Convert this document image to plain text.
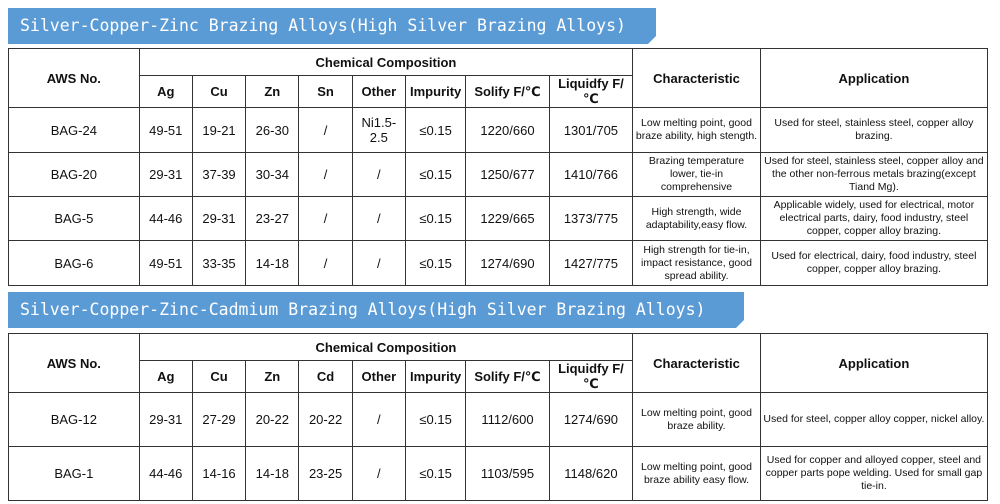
Silver-Copper-Zinc Brazing Alloys(High Silver Brazing Alloys)
AWS No.	Chemical Composition								Characteristic	Application
	Ag	Cu	Zn	Sn	Other	Impurity	Solify F/℃	Liquidfy F/℃		
BAG-24	49-51	19-21	26-30	/	Ni1.5-2.5	≤0.15	1220/660	1301/705	Low melting point, good braze ability, high stength.	Used for steel, stainless steel, copper alloy brazing.
BAG-20	29-31	37-39	30-34	/	/	≤0.15	1250/677	1410/766	Brazing temperature lower, tie-in comprehensive	Used for steel, stainless steel, copper alloy and the other non-ferrous metals brazing(except Tiand Mg).
BAG-5	44-46	29-31	23-27	/	/	≤0.15	1229/665	1373/775	High strength, wide adaptability,easy flow.	Applicable widely, used for electrical, motor electrical parts, dairy, food industry, steel copper, copper alloy brazing.
BAG-6	49-51	33-35	14-18	/	/	≤0.15	1274/690	1427/775	High strength for tie-in, impact resistance, good spread ability.	Used for electrical, dairy, food industry, steel copper, copper alloy brazing.
Silver-Copper-Zinc-Cadmium Brazing Alloys(High Silver Brazing Alloys)
AWS No.	Chemical Composition								Characteristic	Application
	Ag	Cu	Zn	Cd	Other	Impurity	Solify F/℃	Liquidfy F/℃		
BAG-12	29-31	27-29	20-22	20-22	/	≤0.15	1112/600	1274/690	Low melting point, good braze ability.	Used for steel, copper alloy copper, nickel alloy.
BAG-1	44-46	14-16	14-18	23-25	/	≤0.15	1103/595	1148/620	Low melting point, good braze ability easy flow.	Used for copper and alloyed copper, steel and copper parts pope welding. Used for small gap tie-in.
